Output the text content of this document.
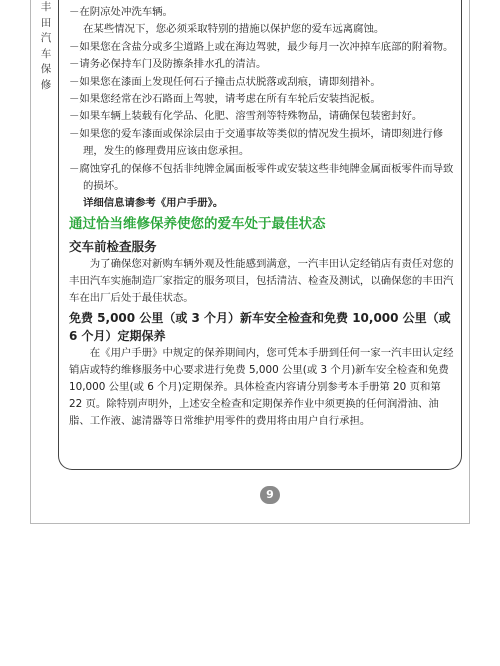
丰
田
汽
车
保
修
－在阴凉处冲洗车辆。
在某些情况下，您必须采取特别的措施以保护您的爱车远离腐蚀。
－如果您在含盐分或多尘道路上或在海边驾驶，最少每月一次冲掉车底部的附着物。
－请务必保持车门及防擦条排水孔的清洁。
－如果您在漆面上发现任何石子撞击点状脱落或刮痕，请即刻措补。
－如果您经常在沙石路面上驾驶，请考虑在所有车轮后安装挡泥板。
－如果车辆上装载有化学品、化肥、溶雪剂等特殊物品，请确保包装密封好。
－如果您的爱车漆面或保涂层由于交通事故等类似的情况发生损坏，请即刻进行修理，发生的修理费用应该由您承担。
－腐蚀穿孔的保修不包括非纯牌金属面板零件或安装这些非纯牌金属面板零件而导致的损坏。
详细信息请参考《用户手册》。
通过恰当维修保养使您的爱车处于最佳状态
交车前检查服务
为了确保您对新购车辆外观及性能感到满意，一汽丰田认定经销店有责任对您的丰田汽车实施制造厂家指定的服务项目，包括清洁、检查及测试，以确保您的丰田汽车在出厂后处于最佳状态。
免费 5,000 公里（或 3 个月）新车安全检查和免费 10,000 公里（或 6 个月）定期保养
在《用户手册》中规定的保养期间内，您可凭本手册到任何一家一汽丰田认定经销店或特约维修服务中心要求进行免费 5,000 公里(或 3 个月)新车安全检查和免费 10,000 公里(或 6 个月)定期保养。具体检查内容请分别参考本手册第 20 页和第 22 页。除特别声明外，上述安全检查和定期保养作业中须更换的任何润滑油、油脂、工作液、滤清器等日常维护用零件的费用将由用户自行承担。
9
